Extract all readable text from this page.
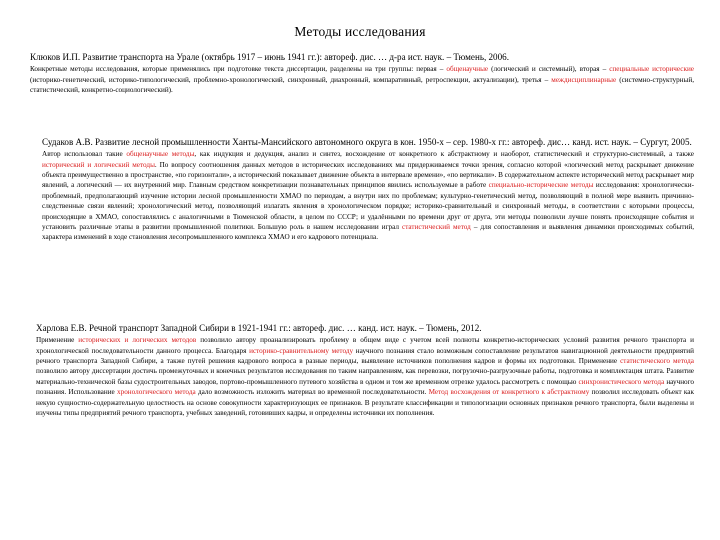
Методы исследования
Клюков И.П. Развитие транспорта на Урале (октябрь 1917 – июнь 1941 гг.): автореф. дис. … д-ра ист. наук. – Тюмень, 2006.
Конкретные методы исследования, которые применялись при подготовке текста диссертации, разделены на три группы: первая – общенаучные (логический и системный), вторая – специальные исторические (историко-генетический, историко-типологический, проблемно-хронологический, синхронный, диахронный, компаративный, ретроспекции, актуализации), третья – междисциплинарные (системно-структурный, статистический, конкретно-социологический).
Судаков А.В. Развитие лесной промышленности Ханты-Мансийского автономного округа в кон. 1950-х – сер. 1980-х гг.: автореф. дис… канд. ист. наук. – Сургут, 2005.
Автор использовал такие общенаучные методы, как индукция и дедукция, анализ и синтез, восхождение от конкретного к абстрактному и наоборот, статистический и структурно-системный, а также исторический и логический методы. По вопросу соотношения данных методов в исторических исследованиях мы придерживаемся точки зрения, согласно которой «логический метод раскрывает движение объекта преимущественно в пространстве, «по горизонтали», а исторический показывает движение объекта в интервале времени», «по вертикали». В содержательном аспекте исторический метод раскрывает мир явлений, а логический — их внутренний мир. Главным средством конкретизации познавательных принципов явились используемые в работе специально-исторические методы исследования: хронологически-проблемный, предполагающий изучение истории лесной промышленности ХМАО по периодам, а внутри них по проблемам; культурно-генетический метод, позволяющий в полной мере выявить причинно-следственные связи явлений; хронологический метод, позволяющий излагать явления в хронологическом порядке; историко-сравнительный и синхронный методы, в соответствии с которыми процессы, происходящие в ХМАО, сопоставлялись с аналогичными в Тюменской области, в целом по СССР; и удалёнными по времени друг от друга, эти методы позволили лучше понять происходящие события и установить различные этапы в развитии промышленной политики. Большую роль в нашем исследовании играл статистический метод – для сопоставления и выявления динамики происходимых событий, характера изменений в ходе становления лесопромышленного комплекса ХМАО и его кадрового потенциала.
Харлова Е.В. Речной транспорт Западной Сибири в 1921-1941 гг.: автореф. дис. … канд. ист. наук. – Тюмень, 2012.
Применение исторических и логических методов позволило автору проанализировать проблему в общем виде с учетом всей полноты конкретно-исторических условий развития речного транспорта и хронологической последовательности данного процесса. Благодаря историко-сравнительному методу научного познания стало возможным сопоставление результатов навигационной деятельности предприятий речного транспорта Западной Сибири, а также путей решения кадрового вопроса в разные периоды, выявление источников пополнения кадров и формы их подготовки. Применение статистического метода позволило автору диссертации достичь промежуточных и конечных результатов исследования по таким направлениям, как перевозки, погрузочно-разгрузочные работы, подготовка и комплектация штата. Развитие материально-технической базы судостроительных заводов, портово-промышленного путевого хозяйства в одном и том же временном отрезке удалось рассмотреть с помощью синхронистического метода научного познания. Использование хронологического метода дало возможность изложить материал во временной последовательности. Метод восхождения от конкретного к абстрактному позволил исследовать объект как некую сущностно-содержательную целостность на основе совокупности характеризующих ее признаков. В результате классификации и типологизации основных признаков речного транспорта, были выделены и изучены типы предприятий речного транспорта, учебных заведений, готовивших кадры, и определены источники их пополнения.
